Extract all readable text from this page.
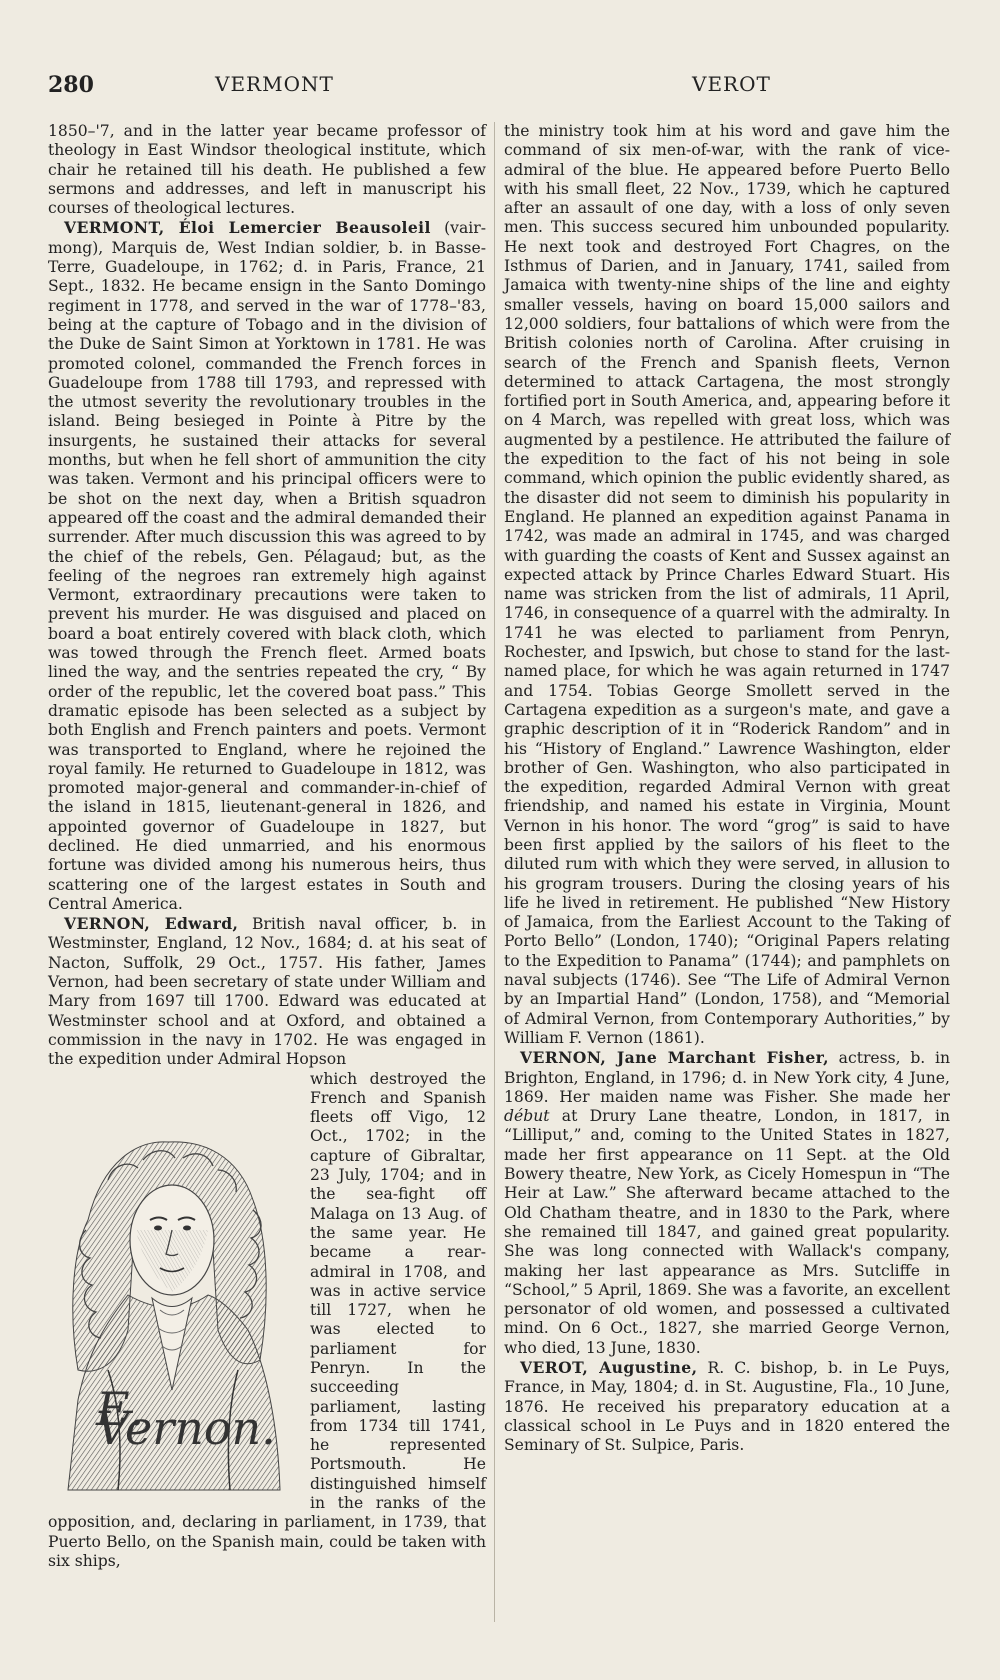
280	VERMONT	VEROT

1850–'7, and in the latter year became professor of theology in East Windsor theological institute, which chair he retained till his death. He published a few sermons and addresses, and left in manuscript his courses of theological lectures.

VERMONT, Éloi Lemercier Beausoleil (vair-mong), Marquis de, West Indian soldier, b. in Basse-Terre, Guadeloupe, in 1762; d. in Paris, France, 21 Sept., 1832. He became ensign in the Santo Domingo regiment in 1778, and served in the war of 1778–'83, being at the capture of Tobago and in the division of the Duke de Saint Simon at Yorktown in 1781. He was promoted colonel, commanded the French forces in Guadeloupe from 1788 till 1793, and repressed with the utmost severity the revolutionary troubles in the island. Being besieged in Pointe à Pitre by the insurgents, he sustained their attacks for several months, but when he fell short of ammunition the city was taken. Vermont and his principal officers were to be shot on the next day, when a British squadron appeared off the coast and the admiral demanded their surrender. After much discussion this was agreed to by the chief of the rebels, Gen. Pélagaud; but, as the feeling of the negroes ran extremely high against Vermont, extraordinary precautions were taken to prevent his murder. He was disguised and placed on board a boat entirely covered with black cloth, which was towed through the French fleet. Armed boats lined the way, and the sentries repeated the cry, “ By order of the republic, let the covered boat pass.” This dramatic episode has been selected as a subject by both English and French painters and poets. Vermont was transported to England, where he rejoined the royal family. He returned to Guadeloupe in 1812, was promoted major-general and commander-in-chief of the island in 1815, lieutenant-general in 1826, and appointed governor of Guadeloupe in 1827, but declined. He died unmarried, and his enormous fortune was divided among his numerous heirs, thus scattering one of the largest estates in South and Central America.

VERNON, Edward, British naval officer, b. in Westminster, England, 12 Nov., 1684; d. at his seat of Nacton, Suffolk, 29 Oct., 1757. His father, James Vernon, had been secretary of state under William and Mary from 1697 till 1700. Edward was educated at Westminster school and at Oxford, and obtained a commission in the navy in 1702. He was engaged in the expedition under Admiral Hopson

E. Vernon.
which destroyed the French and Spanish fleets off Vigo, 12 Oct., 1702; in the capture of Gibraltar, 23 July, 1704; and in the sea-fight off Malaga on 13 Aug. of the same year. He became a rear-admiral in 1708, and was in active service till 1727, when he was elected to parliament for Penryn. In the succeeding parliament, lasting from 1734 till 1741, he represented Portsmouth. He distinguished himself in the ranks of the opposition, and, declaring in parliament, in 1739, that Puerto Bello, on the Spanish main, could be taken with six ships,

the ministry took him at his word and gave him the command of six men-of-war, with the rank of vice-admiral of the blue. He appeared before Puerto Bello with his small fleet, 22 Nov., 1739, which he captured after an assault of one day, with a loss of only seven men. This success secured him unbounded popularity. He next took and destroyed Fort Chagres, on the Isthmus of Darien, and in January, 1741, sailed from Jamaica with twenty-nine ships of the line and eighty smaller vessels, having on board 15,000 sailors and 12,000 soldiers, four battalions of which were from the British colonies north of Carolina. After cruising in search of the French and Spanish fleets, Vernon determined to attack Cartagena, the most strongly fortified port in South America, and, appearing before it on 4 March, was repelled with great loss, which was augmented by a pestilence. He attributed the failure of the expedition to the fact of his not being in sole command, which opinion the public evidently shared, as the disaster did not seem to diminish his popularity in England. He planned an expedition against Panama in 1742, was made an admiral in 1745, and was charged with guarding the coasts of Kent and Sussex against an expected attack by Prince Charles Edward Stuart. His name was stricken from the list of admirals, 11 April, 1746, in consequence of a quarrel with the admiralty. In 1741 he was elected to parliament from Penryn, Rochester, and Ipswich, but chose to stand for the last-named place, for which he was again returned in 1747 and 1754. Tobias George Smollett served in the Cartagena expedition as a surgeon's mate, and gave a graphic description of it in “Roderick Random” and in his “History of England.” Lawrence Washington, elder brother of Gen. Washington, who also participated in the expedition, regarded Admiral Vernon with great friendship, and named his estate in Virginia, Mount Vernon in his honor. The word “grog” is said to have been first applied by the sailors of his fleet to the diluted rum with which they were served, in allusion to his grogram trousers. During the closing years of his life he lived in retirement. He published “New History of Jamaica, from the Earliest Account to the Taking of Porto Bello” (London, 1740); “Original Papers relating to the Expedition to Panama” (1744); and pamphlets on naval subjects (1746). See “The Life of Admiral Vernon by an Impartial Hand” (London, 1758), and “Memorial of Admiral Vernon, from Contemporary Authorities,” by William F. Vernon (1861).

VERNON, Jane Marchant Fisher, actress, b. in Brighton, England, in 1796; d. in New York city, 4 June, 1869. Her maiden name was Fisher. She made her début at Drury Lane theatre, London, in 1817, in “Lilliput,” and, coming to the United States in 1827, made her first appearance on 11 Sept. at the Old Bowery theatre, New York, as Cicely Homespun in “The Heir at Law.” She afterward became attached to the Old Chatham theatre, and in 1830 to the Park, where she remained till 1847, and gained great popularity. She was long connected with Wallack's company, making her last appearance as Mrs. Sutcliffe in “School,” 5 April, 1869. She was a favorite, an excellent personator of old women, and possessed a cultivated mind. On 6 Oct., 1827, she married George Vernon, who died, 13 June, 1830.

VEROT, Augustine, R. C. bishop, b. in Le Puys, France, in May, 1804; d. in St. Augustine, Fla., 10 June, 1876. He received his preparatory education at a classical school in Le Puys and in 1820 entered the Seminary of St. Sulpice, Paris.
